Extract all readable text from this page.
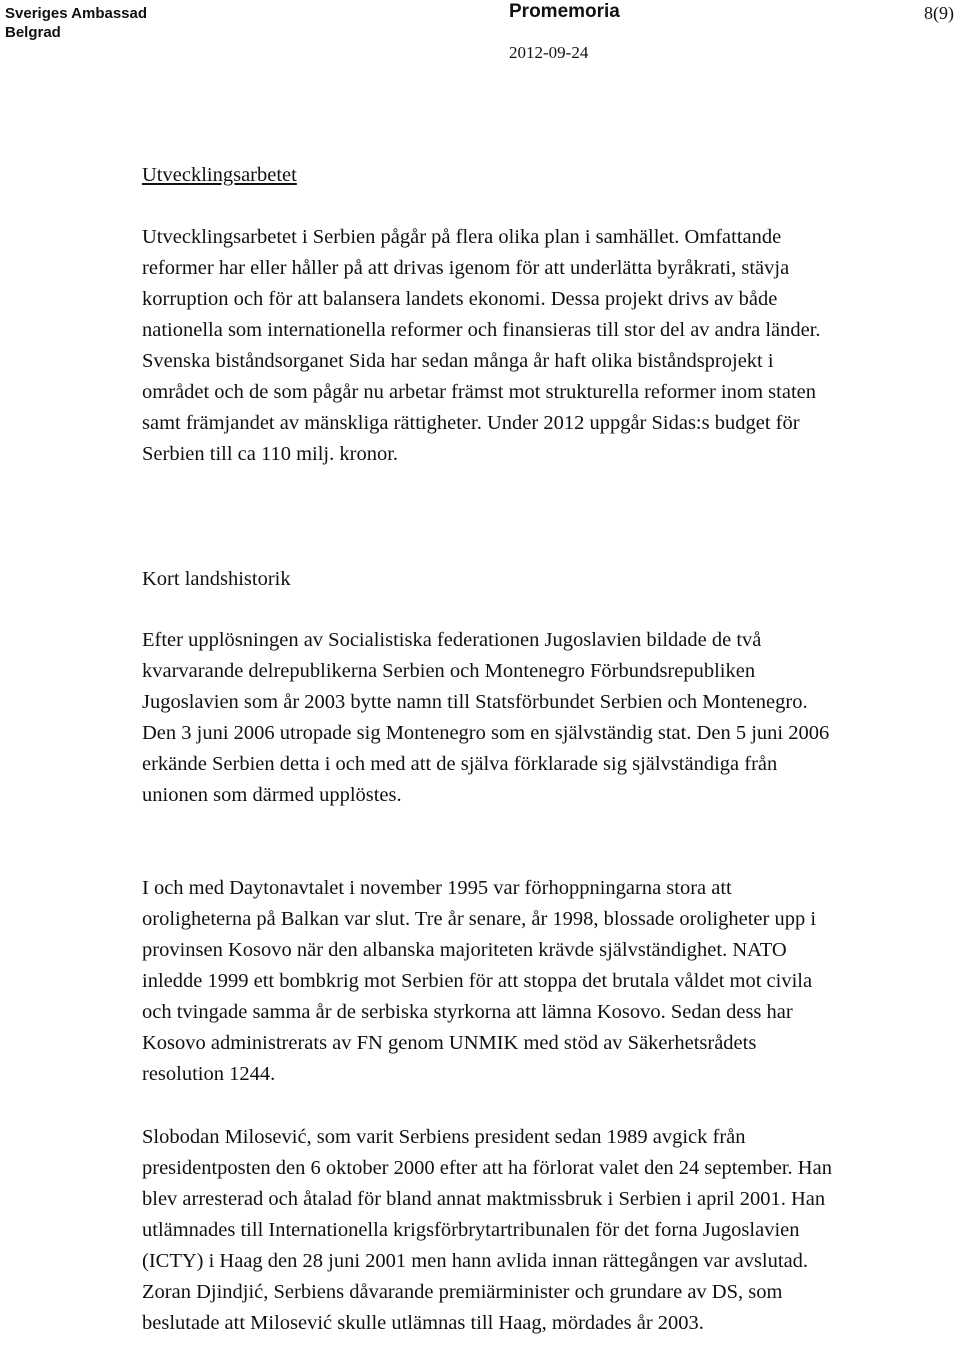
Sveriges Ambassad
Belgrad
Promemoria	8(9)
2012-09-24
Utvecklingsarbetet

Utvecklingsarbetet i Serbien pågår på flera olika plan i samhället. Omfattande reformer har eller håller på att drivas igenom för att underlätta byråkrati, stävja korruption och för att balansera landets ekonomi. Dessa projekt drivs av både nationella som internationella reformer och finansieras till stor del av andra länder. Svenska biståndsorganet Sida har sedan många år haft olika biståndsprojekt i området och de som pågår nu arbetar främst mot strukturella reformer inom staten samt främjandet av mänskliga rättigheter. Under 2012 uppgår Sidas:s budget för Serbien till ca 110 milj. kronor.

Kort landshistorik

Efter upplösningen av Socialistiska federationen Jugoslavien bildade de två kvarvarande delrepublikerna Serbien och Montenegro Förbundsrepubliken Jugoslavien som år 2003 bytte namn till Statsförbundet Serbien och Montenegro. Den 3 juni 2006 utropade sig Montenegro som en självständig stat. Den 5 juni 2006 erkände Serbien detta i och med att de själva förklarade sig självständiga från unionen som därmed upplöstes.

I och med Daytonavtalet i november 1995 var förhoppningarna stora att oroligheterna på Balkan var slut. Tre år senare, år 1998, blossade oroligheter upp i provinsen Kosovo när den albanska majoriteten krävde självständighet. NATO inledde 1999 ett bombkrig mot Serbien för att stoppa det brutala våldet mot civila och tvingade samma år de serbiska styrkorna att lämna Kosovo. Sedan dess har Kosovo administrerats av FN genom UNMIK med stöd av Säkerhetsrådets resolution 1244.

Slobodan Milosević, som varit Serbiens president sedan 1989 avgick från presidentposten den 6 oktober 2000 efter att ha förlorat valet den 24 september. Han blev arresterad och åtalad för bland annat maktmissbruk i Serbien i april 2001. Han utlämnades till Internationella krigsförbrytartribunalen för det forna Jugoslavien (ICTY) i Haag den 28 juni 2001 men hann avlida innan rättegången var avslutad. Zoran Djindjić, Serbiens dåvarande premiärminister och grundare av DS, som beslutade att Milosević skulle utlämnas till Haag, mördades år 2003.
